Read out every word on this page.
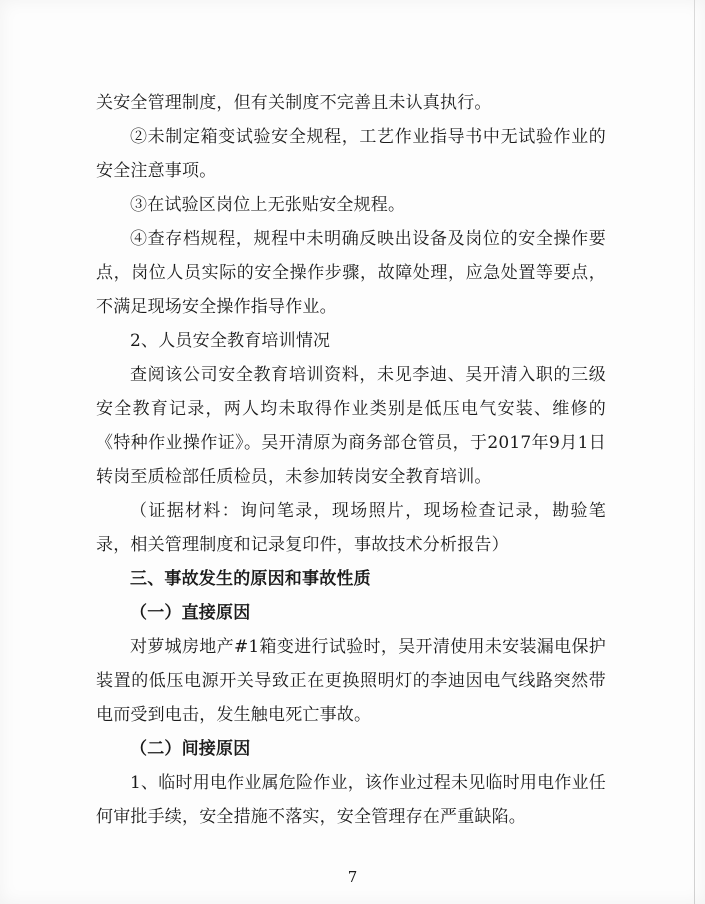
关安全管理制度，但有关制度不完善且未认真执行。

②未制定箱变试验安全规程，工艺作业指导书中无试验作业的安全注意事项。

③在试验区岗位上无张贴安全规程。

④查存档规程，规程中未明确反映出设备及岗位的安全操作要点，岗位人员实际的安全操作步骤，故障处理，应急处置等要点，不满足现场安全操作指导作业。

2、人员安全教育培训情况

查阅该公司安全教育培训资料，未见李迪、吴开清入职的三级安全教育记录，两人均未取得作业类别是低压电气安装、维修的《特种作业操作证》。吴开清原为商务部仓管员，于2017年9月1日转岗至质检部任质检员，未参加转岗安全教育培训。

（证据材料：询问笔录，现场照片，现场检查记录，勘验笔录，相关管理制度和记录复印件，事故技术分析报告）

三、事故发生的原因和事故性质

（一）直接原因

对萝城房地产#1箱变进行试验时，吴开清使用未安装漏电保护装置的低压电源开关导致正在更换照明灯的李迪因电气线路突然带电而受到电击，发生触电死亡事故。

（二）间接原因

1、临时用电作业属危险作业，该作业过程未见临时用电作业任何审批手续，安全措施不落实，安全管理存在严重缺陷。

7
